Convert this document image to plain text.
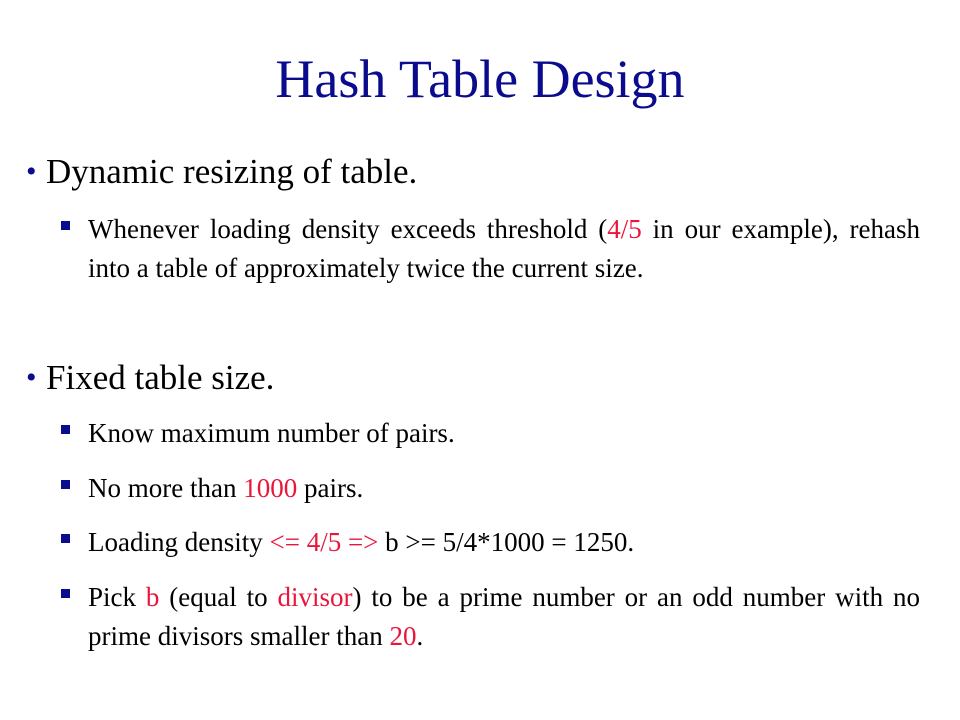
Hash Table Design
• Dynamic resizing of table.
Whenever loading density exceeds threshold (4/5 in our example), rehash into a table of approximately twice the current size.
• Fixed table size.
Know maximum number of pairs.
No more than 1000 pairs.
Loading density <= 4/5 => b >= 5/4*1000 = 1250.
Pick b (equal to divisor) to be a prime number or an odd number with no prime divisors smaller than 20.
